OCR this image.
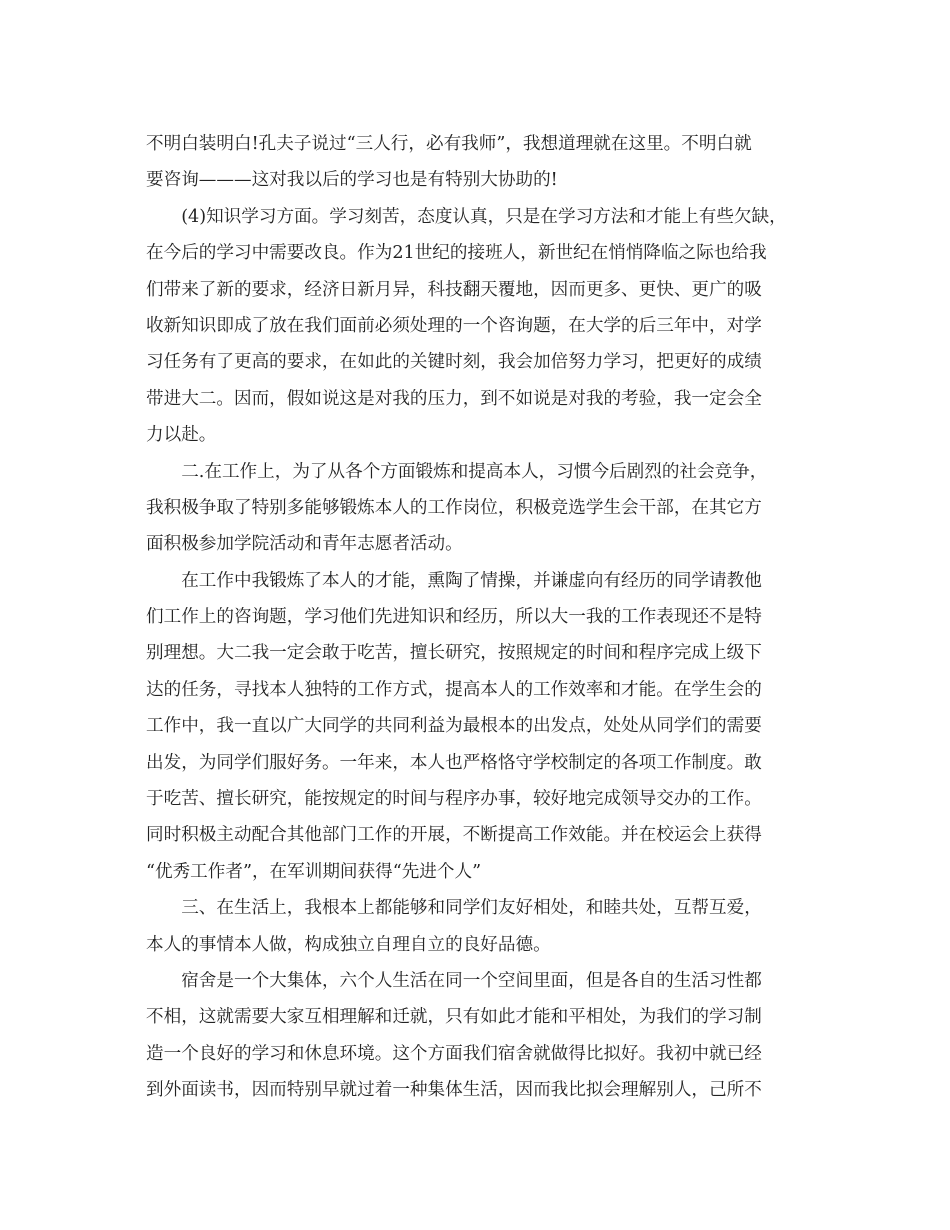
不明白装明白!孔夫子说过“三人行，必有我师”，我想道理就在这里。不明白就
要咨询———这对我以后的学习也是有特别大协助的!
　　(4)知识学习方面。学习刻苦，态度认真，只是在学习方法和才能上有些欠缺，
在今后的学习中需要改良。作为21世纪的接班人，新世纪在悄悄降临之际也给我
们带来了新的要求，经济日新月异，科技翻天覆地，因而更多、更快、更广的吸
收新知识即成了放在我们面前必须处理的一个咨询题，在大学的后三年中，对学
习任务有了更高的要求，在如此的关键时刻，我会加倍努力学习，把更好的成绩
带进大二。因而，假如说这是对我的压力，到不如说是对我的考验，我一定会全
力以赴。
　　二.在工作上，为了从各个方面锻炼和提高本人，习惯今后剧烈的社会竞争，
我积极争取了特别多能够锻炼本人的工作岗位，积极竞选学生会干部，在其它方
面积极参加学院活动和青年志愿者活动。
　　在工作中我锻炼了本人的才能，熏陶了情操，并谦虚向有经历的同学请教他
们工作上的咨询题，学习他们先进知识和经历，所以大一我的工作表现还不是特
别理想。大二我一定会敢于吃苦，擅长研究，按照规定的时间和程序完成上级下
达的任务，寻找本人独特的工作方式，提高本人的工作效率和才能。在学生会的
工作中，我一直以广大同学的共同利益为最根本的出发点，处处从同学们的需要
出发，为同学们服好务。一年来，本人也严格恪守学校制定的各项工作制度。敢
于吃苦、擅长研究，能按规定的时间与程序办事，较好地完成领导交办的工作。
同时积极主动配合其他部门工作的开展，不断提高工作效能。并在校运会上获得
“优秀工作者”，在军训期间获得“先进个人”
　　三、在生活上，我根本上都能够和同学们友好相处，和睦共处，互帮互爱，
本人的事情本人做，构成独立自理自立的良好品德。
　　宿舍是一个大集体，六个人生活在同一个空间里面，但是各自的生活习性都
不相，这就需要大家互相理解和迁就，只有如此才能和平相处，为我们的学习制
造一个良好的学习和休息环境。这个方面我们宿舍就做得比拟好。我初中就已经
到外面读书，因而特别早就过着一种集体生活，因而我比拟会理解别人，己所不
